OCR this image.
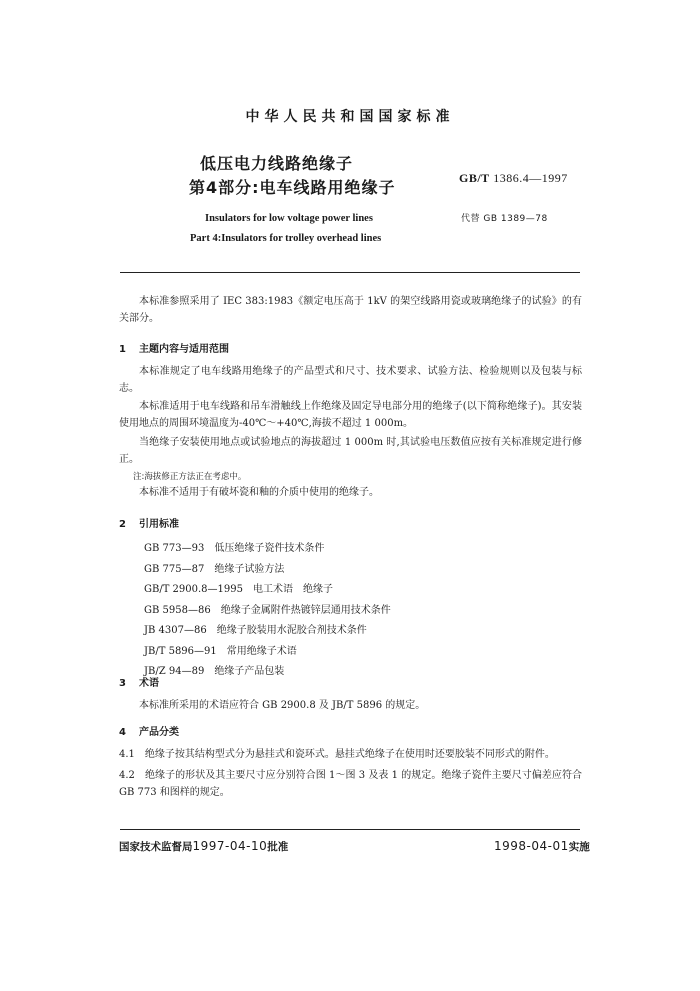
中华人民共和国国家标准
低压电力线路绝缘子
第4部分:电车线路用绝缘子	GB/T 1386.4—1997
代替 GB 1389—78
Insulators for low voltage power lines
Part 4:Insulators for trolley overhead lines
本标准参照采用了 IEC 383:1983《额定电压高于 1kV 的架空线路用瓷或玻璃绝缘子的试验》的有关部分。
1 主题内容与适用范围
本标准规定了电车线路用绝缘子的产品型式和尺寸、技术要求、试验方法、检验规则以及包装与标志。
本标准适用于电车线路和吊车滑触线上作绝缘及固定导电部分用的绝缘子(以下简称绝缘子)。其安装使用地点的周围环境温度为-40℃～+40℃,海拔不超过 1 000m。
当绝缘子安装使用地点或试验地点的海拔超过 1 000m 时,其试验电压数值应按有关标准规定进行修正。
注:海拔修正方法正在考虑中。
本标准不适用于有破坏瓷和釉的介质中使用的绝缘子。
2 引用标准
GB 773—93 低压绝缘子瓷件技术条件
GB 775—87 绝缘子试验方法
GB/T 2900.8—1995 电工术语　绝缘子
GB 5958—86 绝缘子金属附件热镀锌层通用技术条件
JB 4307—86 绝缘子胶装用水泥胶合剂技术条件
JB/T 5896—91 常用绝缘子术语
JB/Z 94—89 绝缘子产品包装
3 术语
本标准所采用的术语应符合 GB 2900.8 及 JB/T 5896 的规定。
4 产品分类
4.1　绝缘子按其结构型式分为悬挂式和瓷环式。悬挂式绝缘子在使用时还要胶装不同形式的附件。
4.2　绝缘子的形状及其主要尺寸应分别符合图 1～图 3 及表 1 的规定。绝缘子瓷件主要尺寸偏差应符合 GB 773 和图样的规定。
国家技术监督局1997-04-10批准	1998-04-01实施
